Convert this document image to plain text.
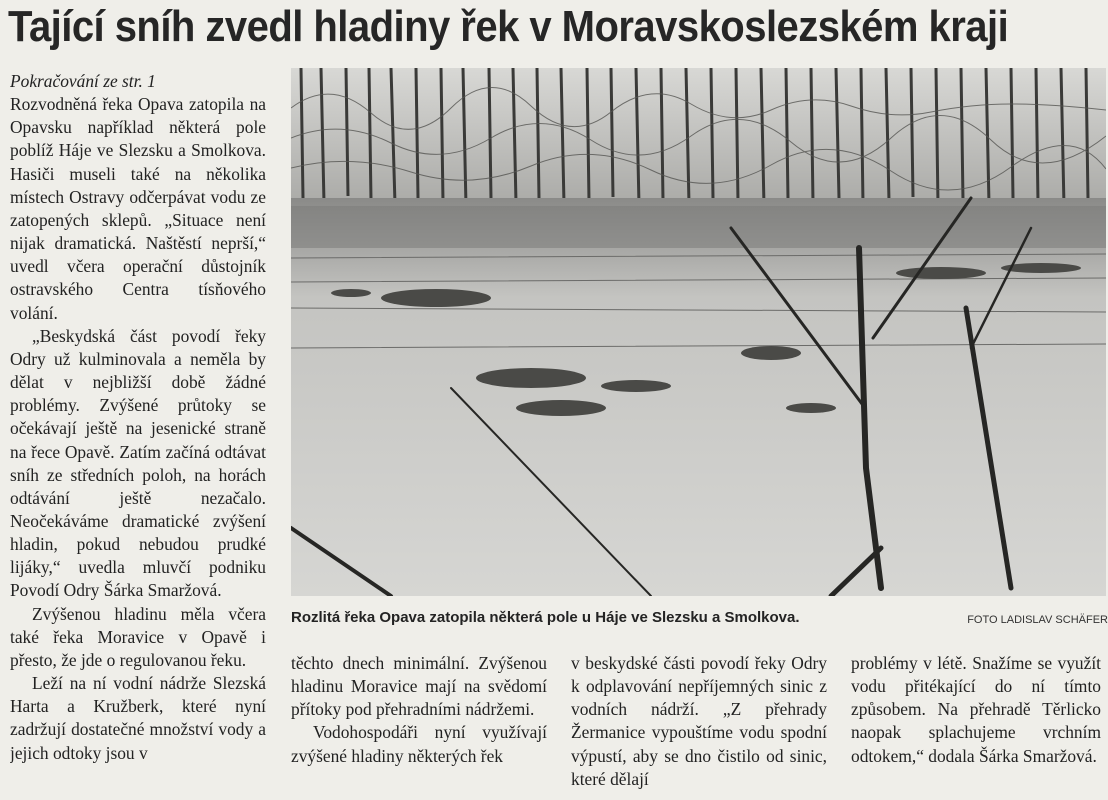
Tající sníh zvedl hladiny řek v Moravskoslezském kraji

Pokračování ze str. 1
Rozvodněná řeka Opava zatopila na Opavsku například některá pole poblíž Háje ve Slezsku a Smolkova. Hasiči museli také na několika místech Ostravy odčerpávat vodu ze zatopených sklepů. „Situace není nijak dramatická. Naštěstí neprší,“ uvedl včera operační důstojník ostravského Centra tísňového volání.

„Beskydská část povodí řeky Odry už kulminovala a neměla by dělat v nejbližší době žádné problémy. Zvýšené průtoky se očekávají ještě na jesenické straně na řece Opavě. Zatím začíná odtávat sníh ze středních poloh, na horách odtávání ještě nezačalo. Neočekáváme dramatické zvýšení hladin, pokud nebudou prudké lijáky,“ uvedla mluvčí podniku Povodí Odry Šárka Smaržová.

Zvýšenou hladinu měla včera také řeka Moravice v Opavě i přesto, že jde o regulovanou řeku.

Leží na ní vodní nádrže Slezská Harta a Kružberk, které nyní zadržují dostatečné množství vody a jejich odtoky jsou v

Rozlitá řeka Opava zatopila některá pole u Háje ve Slezsku a Smolkova.	FOTO LADISLAV SCHÄFER

těchto dnech minimální. Zvýšenou hladinu Moravice mají na svědomí přítoky pod přehradními nádržemi.

Vodohospodáři nyní využívají zvýšené hladiny některých řek

v beskydské části povodí řeky Odry k odplavování nepříjemných sinic z vodních nádrží. „Z přehrady Žermanice vypouštíme vodu spodní výpustí, aby se dno čistilo od sinic, které dělají

problémy v létě. Snažíme se využít vodu přitékající do ní tímto způsobem. Na přehradě Těrlicko naopak splachujeme vrchním odtokem,“ dodala Šárka Smaržová.
